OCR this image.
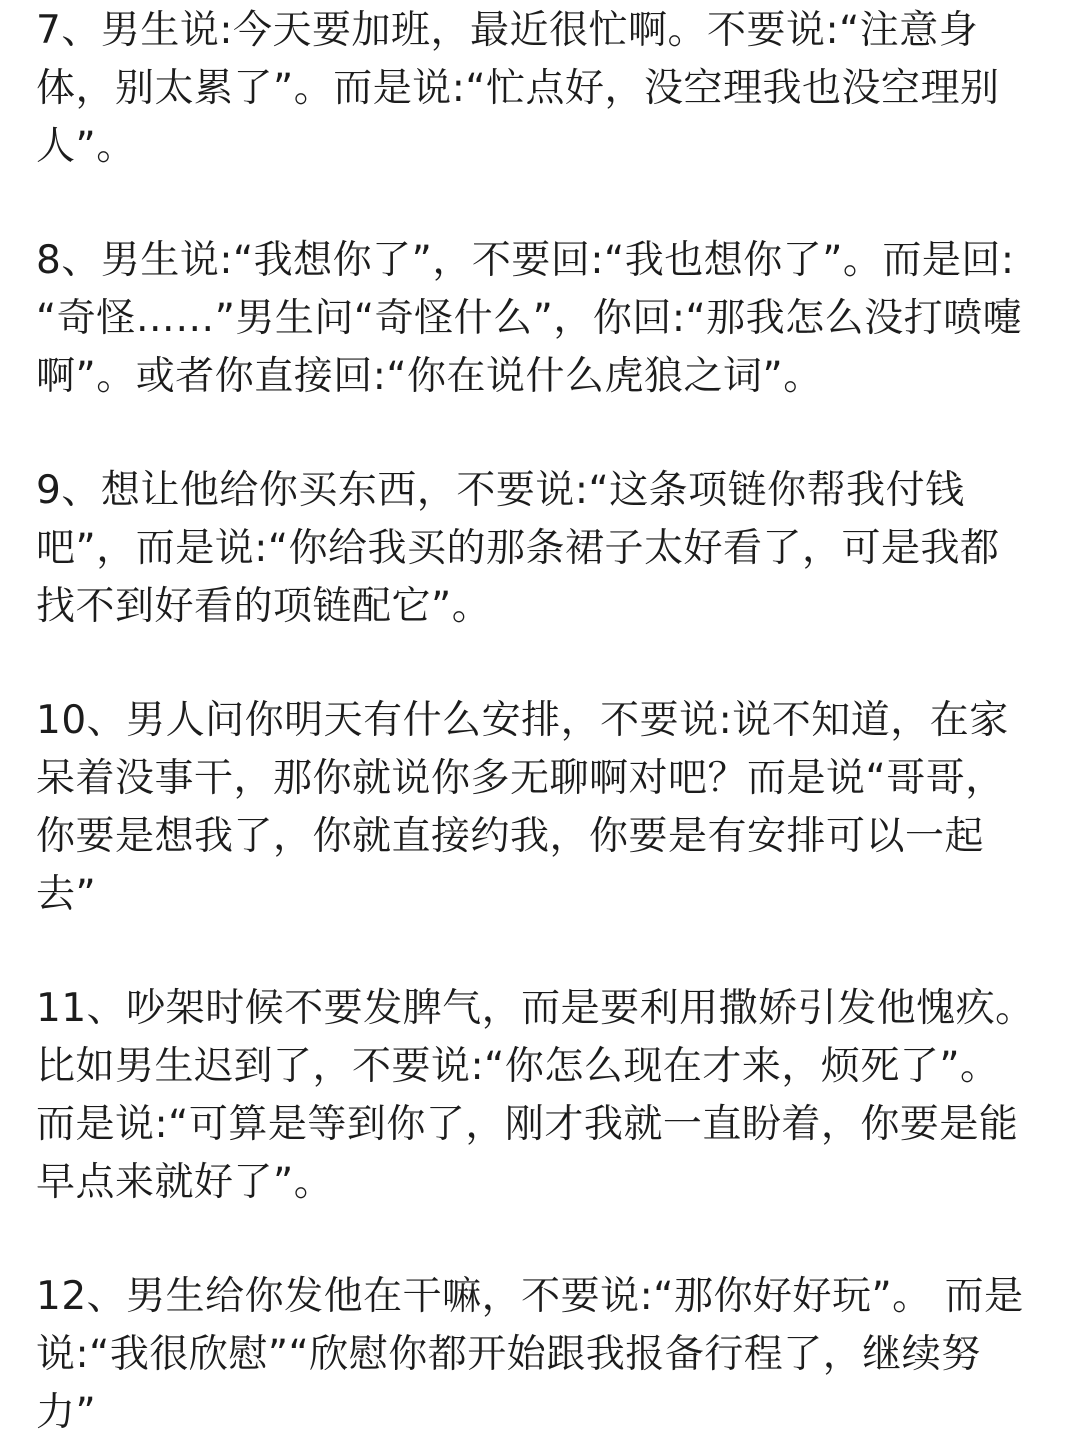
7、男生说:今天要加班，最近很忙啊。不要说:“注意身
体，别太累了”。而是说:“忙点好，没空理我也没空理别
人”。

8、男生说:“我想你了”，不要回:“我也想你了”。而是回:
“奇怪……”男生问“奇怪什么”，你回:“那我怎么没打喷嚏
啊”。或者你直接回:“你在说什么虎狼之词”。

9、想让他给你买东西，不要说:“这条项链你帮我付钱
吧”，而是说:“你给我买的那条裙子太好看了，可是我都
找不到好看的项链配它”。

10、男人问你明天有什么安排，不要说:说不知道，在家
呆着没事干，那你就说你多无聊啊对吧？而是说“哥哥，
你要是想我了，你就直接约我，你要是有安排可以一起
去”

11、吵架时候不要发脾气，而是要利用撒娇引发他愧疚。
比如男生迟到了，不要说:“你怎么现在才来，烦死了”。
而是说:“可算是等到你了，刚才我就一直盼着，你要是能
早点来就好了”。

12、男生给你发他在干嘛，不要说:“那你好好玩”。 而是
说:“我很欣慰”“欣慰你都开始跟我报备行程了，继续努
力”
